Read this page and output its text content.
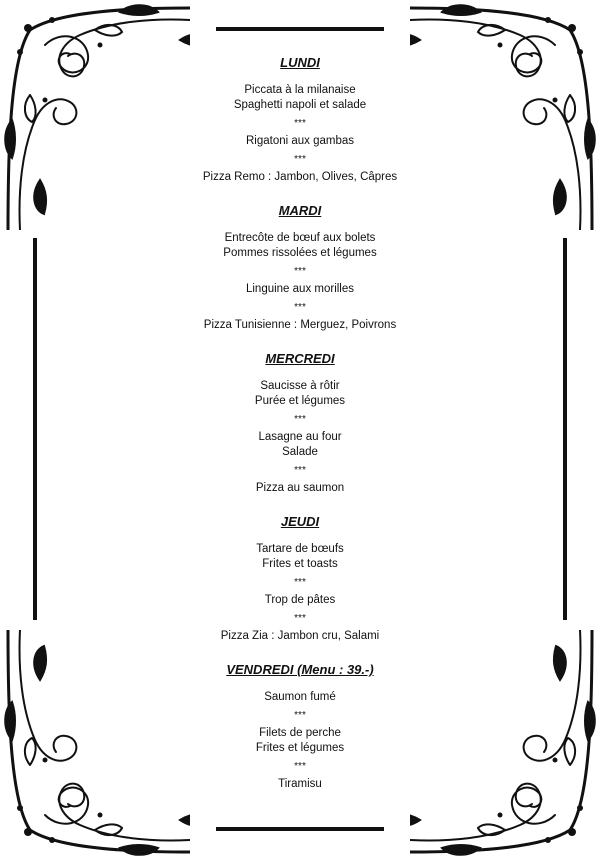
LUNDI
Piccata à la milanaise
Spaghetti napoli et salade
***
Rigatoni aux gambas
***
Pizza Remo : Jambon, Olives, Câpres
MARDI
Entrecôte de bœuf aux bolets
Pommes rissolées et légumes
***
Linguine aux morilles
***
Pizza Tunisienne : Merguez, Poivrons
MERCREDI
Saucisse à rôtir
Purée et légumes
***
Lasagne au four
Salade
***
Pizza au saumon
JEUDI
Tartare de bœufs
Frites et toasts
***
Trop de pâtes
***
Pizza Zia : Jambon cru, Salami
VENDREDI (Menu : 39.-)
Saumon fumé
***
Filets de perche
Frites et légumes
***
Tiramisu
